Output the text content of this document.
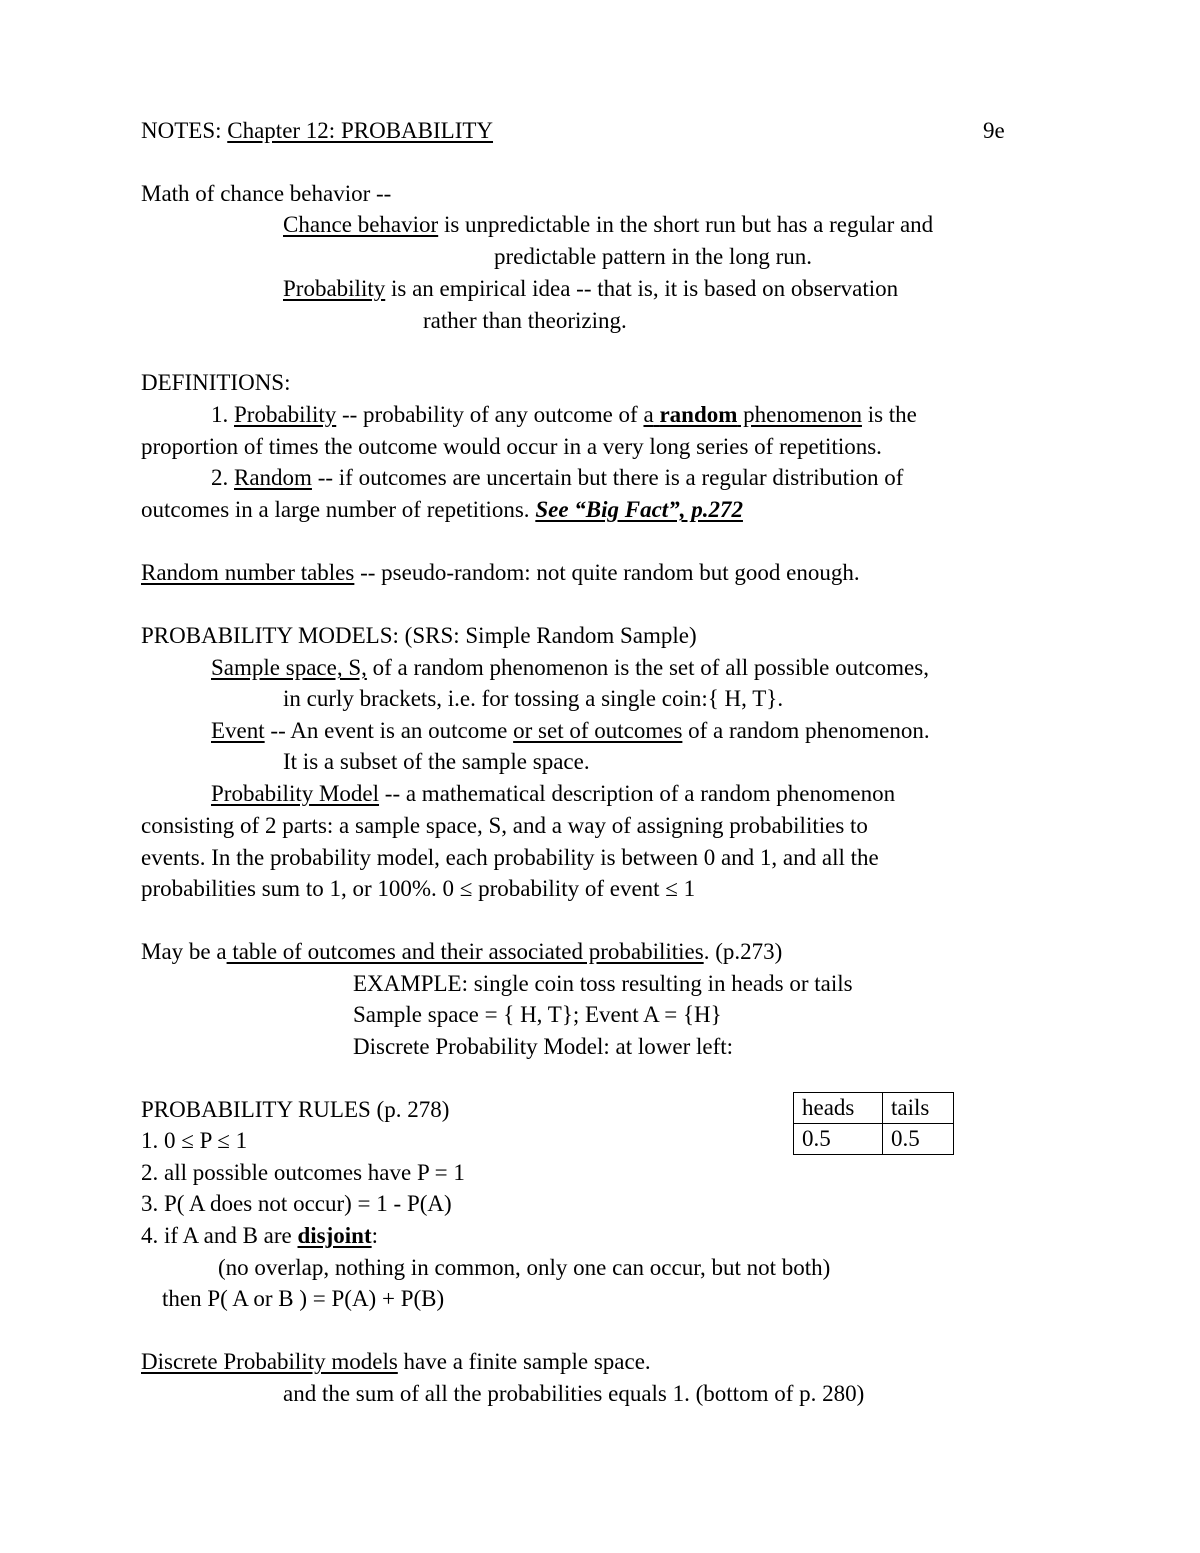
NOTES: Chapter 12: PROBABILITY	9e
Math of chance behavior --
Chance behavior is unpredictable in the short run but has a regular and
predictable pattern in the long run.
Probability is an empirical idea -- that is, it is based on observation
rather than theorizing.
DEFINITIONS:
1. Probability -- probability of any outcome of a random phenomenon is the
proportion of times the outcome would occur in a very long series of repetitions.
2. Random -- if outcomes are uncertain but there is a regular distribution of
outcomes in a large number of repetitions. See “Big Fact”, p.272
Random number tables -- pseudo-random: not quite random but good enough.
PROBABILITY MODELS: (SRS: Simple Random Sample)
Sample space, S, of a random phenomenon is the set of all possible outcomes,
in curly brackets, i.e. for tossing a single coin:{ H, T}.
Event -- An event is an outcome or set of outcomes of a random phenomenon.
It is a subset of the sample space.
Probability Model -- a mathematical description of a random phenomenon
consisting of 2 parts: a sample space, S, and a way of assigning probabilities to
events. In the probability model, each probability is between 0 and 1, and all the
probabilities sum to 1, or 100%. 0 ≤ probability of event ≤ 1
May be a table of outcomes and their associated probabilities. (p.273)
EXAMPLE: single coin toss resulting in heads or tails
Sample space = { H, T}; Event A = {H}
Discrete Probability Model: at lower left:
PROBABILITY RULES (p. 278)
1. 0 ≤ P ≤ 1
2. all possible outcomes have P = 1
3. P( A does not occur) = 1 - P(A)
4. if A and B are disjoint:
(no overlap, nothing in common, only one can occur, but not both)
then P( A or B ) = P(A) + P(B)
heads	tails
0.5	0.5
Discrete Probability models have a finite sample space.
and the sum of all the probabilities equals 1. (bottom of p. 280)
